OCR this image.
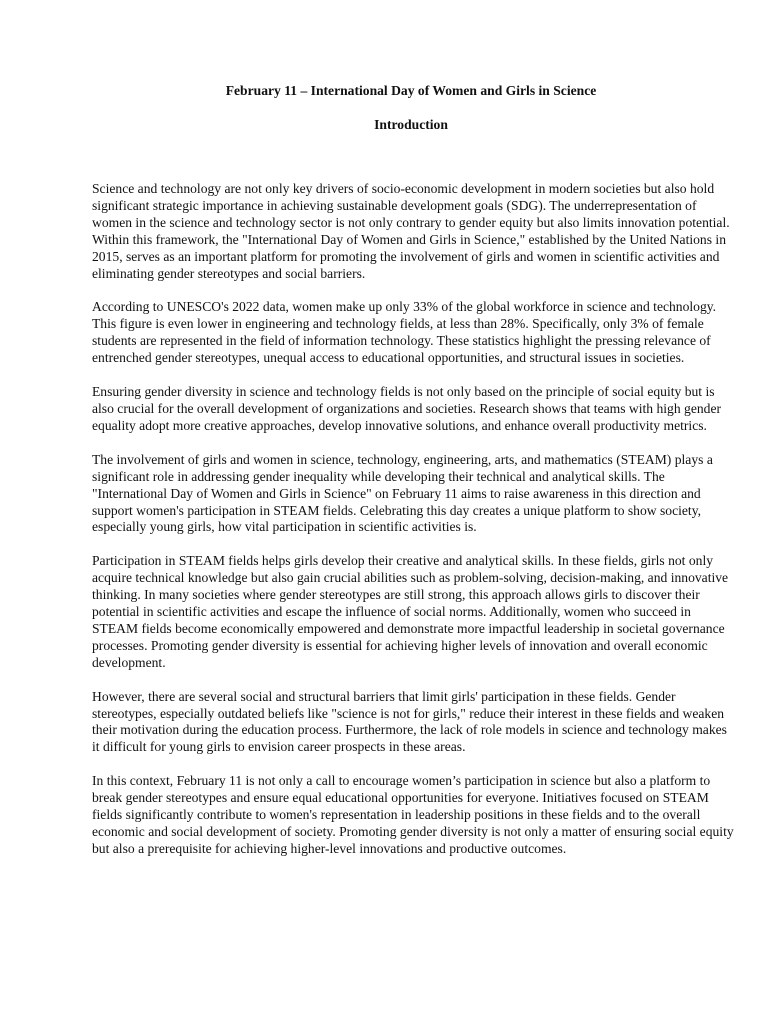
February 11 – International Day of Women and Girls in Science
Introduction

Science and technology are not only key drivers of socio-economic development in modern societies but also hold significant strategic importance in achieving sustainable development goals (SDG). The underrepresentation of women in the science and technology sector is not only contrary to gender equity but also limits innovation potential. Within this framework, the "International Day of Women and Girls in Science," established by the United Nations in 2015, serves as an important platform for promoting the involvement of girls and women in scientific activities and eliminating gender stereotypes and social barriers.

According to UNESCO's 2022 data, women make up only 33% of the global workforce in science and technology. This figure is even lower in engineering and technology fields, at less than 28%. Specifically, only 3% of female students are represented in the field of information technology. These statistics highlight the pressing relevance of entrenched gender stereotypes, unequal access to educational opportunities, and structural issues in societies.

Ensuring gender diversity in science and technology fields is not only based on the principle of social equity but is also crucial for the overall development of organizations and societies. Research shows that teams with high gender equality adopt more creative approaches, develop innovative solutions, and enhance overall productivity metrics.

The involvement of girls and women in science, technology, engineering, arts, and mathematics (STEAM) plays a significant role in addressing gender inequality while developing their technical and analytical skills. The "International Day of Women and Girls in Science" on February 11 aims to raise awareness in this direction and support women's participation in STEAM fields. Celebrating this day creates a unique platform to show society, especially young girls, how vital participation in scientific activities is.

Participation in STEAM fields helps girls develop their creative and analytical skills. In these fields, girls not only acquire technical knowledge but also gain crucial abilities such as problem-solving, decision-making, and innovative thinking. In many societies where gender stereotypes are still strong, this approach allows girls to discover their potential in scientific activities and escape the influence of social norms. Additionally, women who succeed in STEAM fields become economically empowered and demonstrate more impactful leadership in societal governance processes. Promoting gender diversity is essential for achieving higher levels of innovation and overall economic development.

However, there are several social and structural barriers that limit girls' participation in these fields. Gender stereotypes, especially outdated beliefs like "science is not for girls," reduce their interest in these fields and weaken their motivation during the education process. Furthermore, the lack of role models in science and technology makes it difficult for young girls to envision career prospects in these areas.

In this context, February 11 is not only a call to encourage women’s participation in science but also a platform to break gender stereotypes and ensure equal educational opportunities for everyone. Initiatives focused on STEAM fields significantly contribute to women's representation in leadership positions in these fields and to the overall economic and social development of society. Promoting gender diversity is not only a matter of ensuring social equity but also a prerequisite for achieving higher-level innovations and productive outcomes.
